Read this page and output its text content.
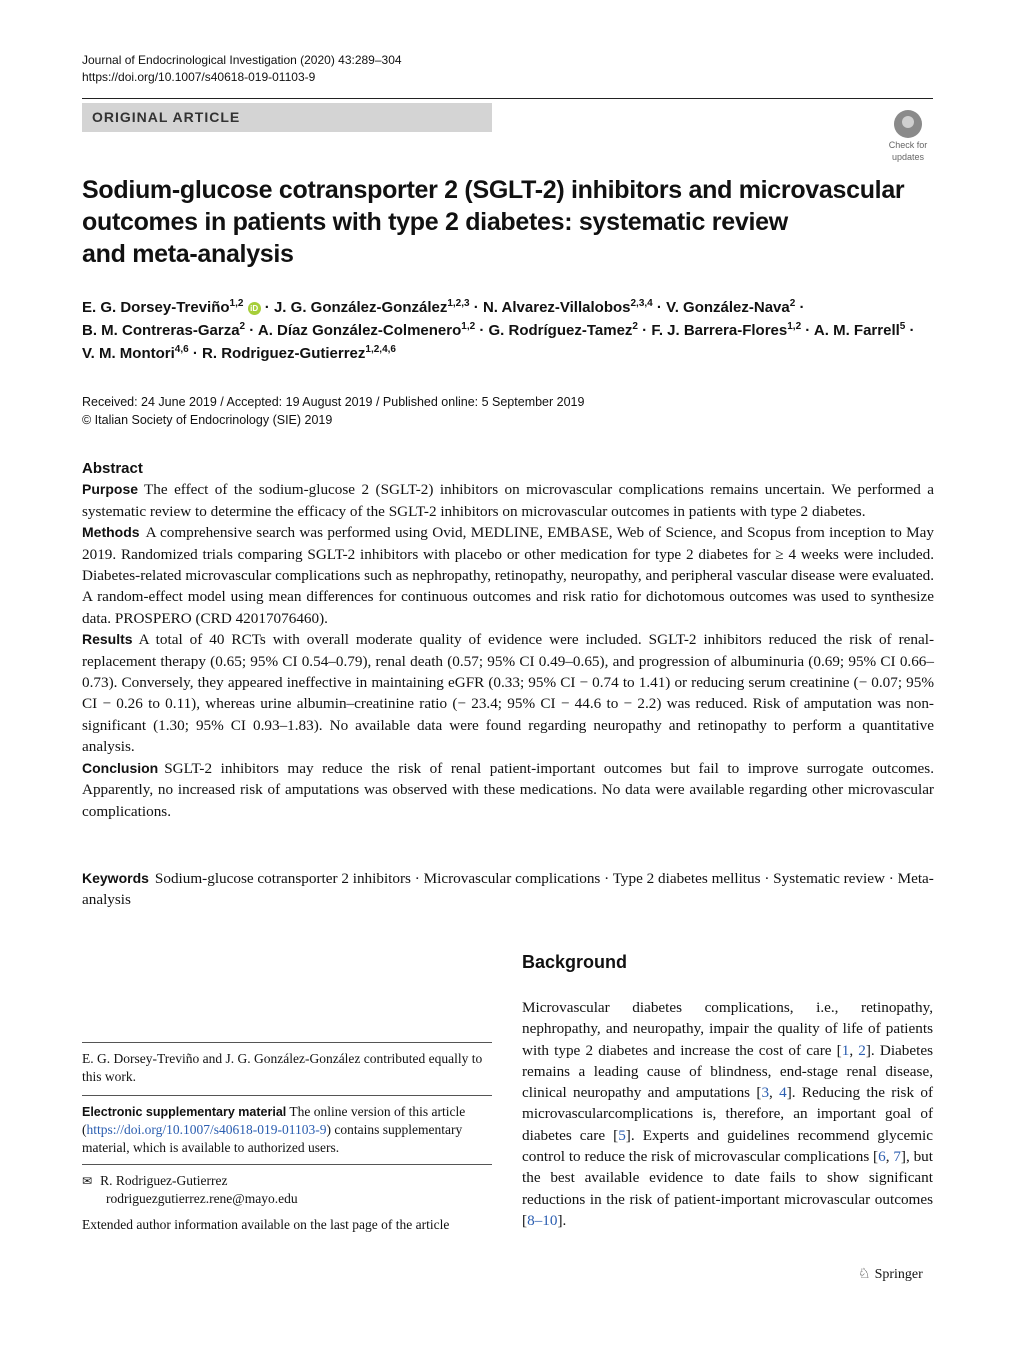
Journal of Endocrinological Investigation (2020) 43:289–304
https://doi.org/10.1007/s40618-019-01103-9
ORIGINAL ARTICLE
Check for
updates
Sodium-glucose cotransporter 2 (SGLT-2) inhibitors and microvascular
outcomes in patients with type 2 diabetes: systematic review
and meta-analysis
E. G. Dorsey-Treviño$^{1,2}$ iD · J. G. González-González$^{1,2,3}$ · N. Alvarez-Villalobos$^{2,3,4}$ · V. González-Nava$^2$ ·
B. M. Contreras-Garza$^2$ · A. Díaz González-Colmenero$^{1,2}$ · G. Rodríguez-Tamez$^2$ · F. J. Barrera-Flores$^{1,2}$ · A. M. Farrell$^5$ ·
V. M. Montori$^{4,6}$ · R. Rodriguez-Gutierrez$^{1,2,4,6}$
Received: 24 June 2019 / Accepted: 19 August 2019 / Published online: 5 September 2019
© Italian Society of Endocrinology (SIE) 2019
Abstract

Purpose The effect of the sodium-glucose 2 (SGLT-2) inhibitors on microvascular complications remains uncertain. We performed a systematic review to determine the efficacy of the SGLT-2 inhibitors on microvascular outcomes in patients with type 2 diabetes.

Methods A comprehensive search was performed using Ovid, MEDLINE, EMBASE, Web of Science, and Scopus from inception to May 2019. Randomized trials comparing SGLT-2 inhibitors with placebo or other medication for type 2 diabetes for ≥ 4 weeks were included. Diabetes-related microvascular complications such as nephropathy, retinopathy, neuropathy, and peripheral vascular disease were evaluated. A random-effect model using mean differences for continuous outcomes and risk ratio for dichotomous outcomes was used to synthesize data. PROSPERO (CRD 42017076460).

Results A total of 40 RCTs with overall moderate quality of evidence were included. SGLT-2 inhibitors reduced the risk of renal-replacement therapy (0.65; 95% CI 0.54–0.79), renal death (0.57; 95% CI 0.49–0.65), and progression of albuminuria (0.69; 95% CI 0.66–0.73). Conversely, they appeared ineffective in maintaining eGFR (0.33; 95% CI − 0.74 to 1.41) or reducing serum creatinine (− 0.07; 95% CI − 0.26 to 0.11), whereas urine albumin–creatinine ratio (− 23.4; 95% CI − 44.6 to − 2.2) was reduced. Risk of amputation was non-significant (1.30; 95% CI 0.93–1.83). No available data were found regarding neuropathy and retinopathy to perform a quantitative analysis.

Conclusion SGLT-2 inhibitors may reduce the risk of renal patient-important outcomes but fail to improve surrogate outcomes. Apparently, no increased risk of amputations was observed with these medications. No data were available regarding other microvascular complications.

Keywords Sodium-glucose cotransporter 2 inhibitors · Microvascular complications · Type 2 diabetes mellitus · Systematic review · Meta-analysis
Background
Microvascular diabetes complications, i.e., retinopathy, nephropathy, and neuropathy, impair the quality of life of patients with type 2 diabetes and increase the cost of care [1, 2]. Diabetes remains a leading cause of blindness, end-stage renal disease, clinical neuropathy and amputations [3, 4]. Reducing the risk of microvascularcomplications is, therefore, an important goal of diabetes care [5]. Experts and guidelines recommend glycemic control to reduce the risk of microvascular complications [6, 7], but the best available evidence to date fails to show significant reductions in the risk of patient-important microvascular outcomes [8–10].
E. G. Dorsey-Treviño and J. G. González-González contributed equally to this work.
Electronic supplementary material The online version of this article (https://doi.org/10.1007/s40618-019-01103-9) contains supplementary material, which is available to authorized users.
✉ R. Rodriguez-Gutierrez
rodriguezgutierrez.rene@mayo.edu
Extended author information available on the last page of the article
♘ Springer
